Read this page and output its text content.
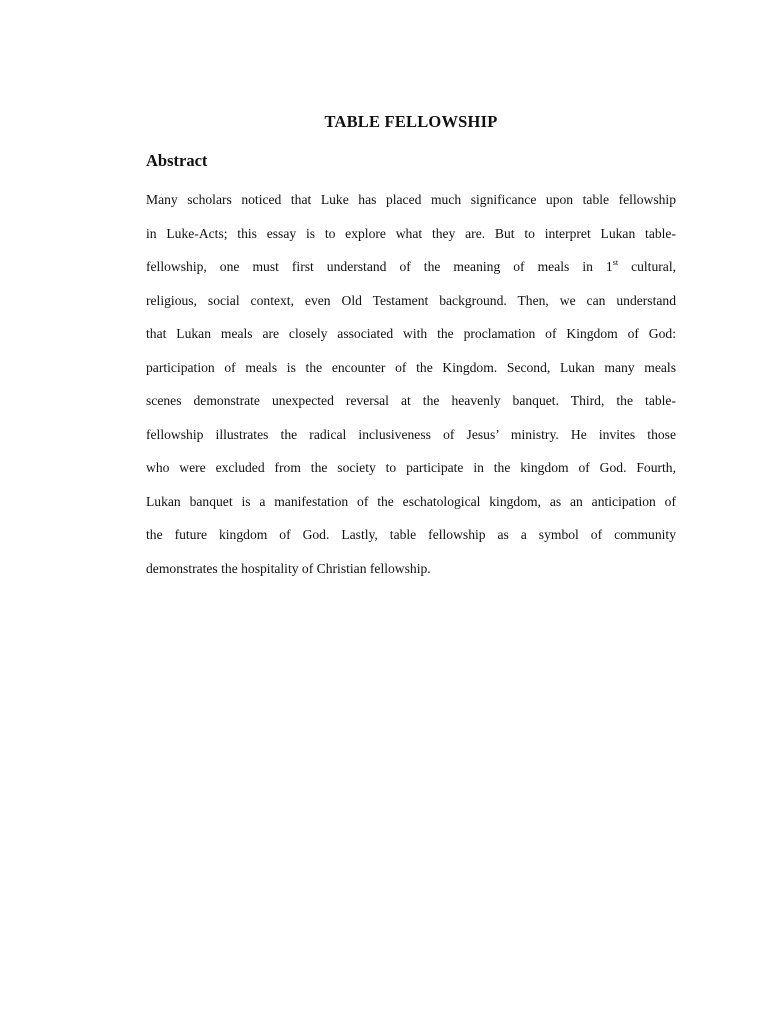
TABLE FELLOWSHIP
Abstract
Many scholars noticed that Luke has placed much significance upon table fellowship
in Luke-Acts; this essay is to explore what they are. But to interpret Lukan table-
fellowship, one must first understand of the meaning of meals in 1st cultural,
religious, social context, even Old Testament background. Then, we can understand
that Lukan meals are closely associated with the proclamation of Kingdom of God:
participation of meals is the encounter of the Kingdom. Second, Lukan many meals
scenes demonstrate unexpected reversal at the heavenly banquet. Third, the table-
fellowship illustrates the radical inclusiveness of Jesus’ ministry. He invites those
who were excluded from the society to participate in the kingdom of God. Fourth,
Lukan banquet is a manifestation of the eschatological kingdom, as an anticipation of
the future kingdom of God. Lastly, table fellowship as a symbol of community
demonstrates the hospitality of Christian fellowship.
